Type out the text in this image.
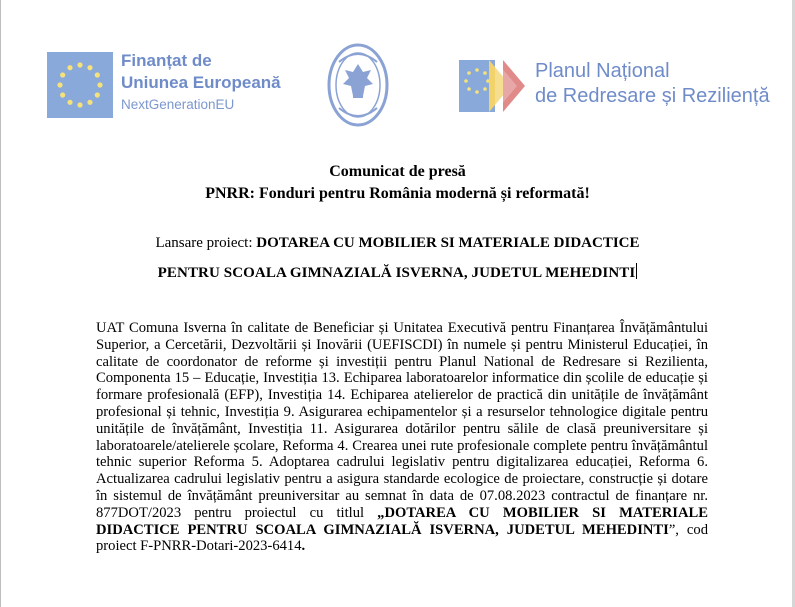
Finanțat de
Uniunea Europeană
NextGenerationEU
Planul Național
de Redresare și Reziliență
Comunicat de presă
PNRR: Fonduri pentru România modernă și reformată!
Lansare proiect: DOTAREA CU MOBILIER SI MATERIALE DIDACTICE
PENTRU SCOALA GIMNAZIALĂ ISVERNA, JUDETUL MEHEDINTI
UAT Comuna Isverna în calitate de Beneficiar și Unitatea Executivă pentru Finanțarea Învățământului Superior, a Cercetării, Dezvoltării și Inovării (UEFISCDI) în numele și pentru Ministerul Educației, în calitate de coordonator de reforme și investiții pentru Planul National de Redresare si Rezilienta, Componenta 15 – Educație, Investiția 13. Echiparea laboratoarelor informatice din școlile de educație și formare profesională (EFP), Investiția 14. Echiparea atelierelor de practică din unitățile de învățământ profesional și tehnic, Investiția 9. Asigurarea echipamentelor și a resurselor tehnologice digitale pentru unitățile de învățământ, Investiția 11. Asigurarea dotărilor pentru sălile de clasă preuniversitare și laboratoarele/atelierele școlare, Reforma 4. Crearea unei rute profesionale complete pentru învățământul tehnic superior Reforma 5. Adoptarea cadrului legislativ pentru digitalizarea educației, Reforma 6. Actualizarea cadrului legislativ pentru a asigura standarde ecologice de proiectare, construcție și dotare în sistemul de învățământ preuniversitar au semnat în data de 07.08.2023 contractul de finanțare nr. 877DOT/2023 pentru proiectul cu titlul „DOTAREA CU MOBILIER SI MATERIALE DIDACTICE PENTRU SCOALA GIMNAZIALĂ ISVERNA, JUDETUL MEHEDINTI”, cod proiect F-PNRR-Dotari-2023-6414.
